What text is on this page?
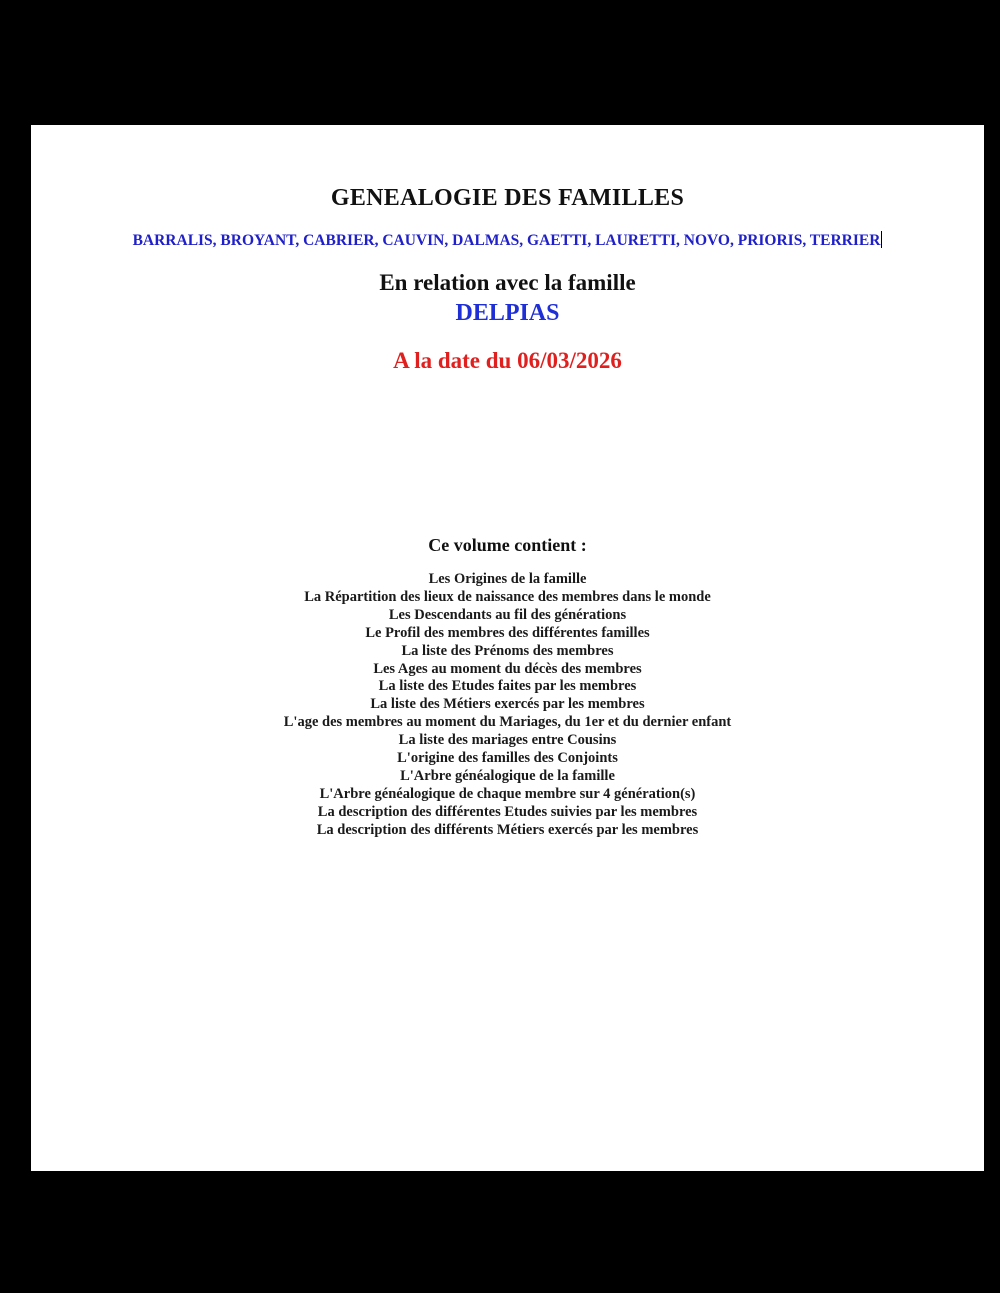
GENEALOGIE DES FAMILLES
BARRALIS, BROYANT, CABRIER, CAUVIN, DALMAS, GAETTI, LAURETTI, NOVO, PRIORIS, TERRIER
En relation avec la famille
DELPIAS
A la date du 06/03/2026
Ce volume contient :
Les Origines de la famille
La Répartition des lieux de naissance des membres dans le monde
Les Descendants au fil des générations
Le Profil des membres des différentes familles
La liste des Prénoms des membres
Les Ages au moment du décès des membres
La liste des Etudes faites par les membres
La liste des Métiers exercés par les membres
L'age des membres au moment du Mariages, du 1er et du dernier enfant
La liste des mariages entre Cousins
L'origine des familles des Conjoints
L'Arbre généalogique de la famille
L'Arbre généalogique de chaque membre sur 4 génération(s)
La description des différentes Etudes suivies par les membres
La description des différents Métiers exercés par les membres
